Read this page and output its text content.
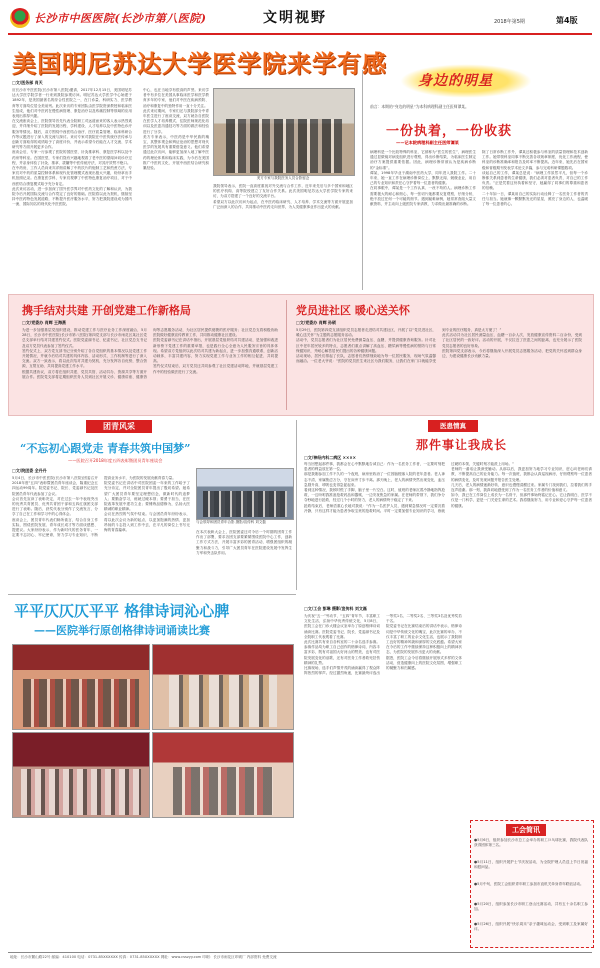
长沙市中医医院(长沙市第八医院)	文明视野	2018年第5期	第4版
美国明尼苏达大学医学院来学有感
□文/医务部 肖天
应长沙市中医医院(长沙市第八医院)邀请，2017年12月15日，美国明尼苏达大学医学院学者一行来到我院参观访问。明尼苏达大学医学中心始建于1892年，是美国最著名的综合性医院之一，在门诊量、科研实力、医学教育等方面均位居全美前列。此次来访的专家团队由医学院资深教授和临床医生组成，他们对中医药在慢性病管理、康复治疗以及疼痛控制等领域的应用表现出浓厚兴趣。
在交流座谈会上，医院领导首先代表全院职工对远道而来的客人表示热烈欢迎，并详细介绍了医院的发展历程、学科建设、人才培养以及中医特色诊疗服务等情况。随后，双方围绕中西医结合治疗、医疗质量管理、临床科研合作等议题进行了深入的交流与探讨。来访专家对我院在中医传统疗法传承与创新方面取得的成绩给予了高度评价，并表示希望今后能在人才交流、学术研究等方面开展更多合作。
座谈会后，专家一行参观了医院的国医堂、针灸推拿科、康复医学科以及中药房等科室。在国医堂，专家们饶有兴趣地观看了老中医的望闻问切诊疗过程，并亲身体验了针灸、推拿、拔罐等中医传统疗法，对其疗效赞不绝口。
在中药房，工作人员向来宾详细讲解了中药饮片的炮制工艺和煎煮方法，专家们对中药的质量控制体系和现代化管理模式表现出极大兴趣，纷纷拿出手机拍照记录。在康复医学科，专家们观摩了中医特色康复治疗项目，对于中西医结合康复模式给予充分肯定。
此次来访活动，进一步加深了国外医学界对中医药文化的了解和认识，为我院今后开展国际交流与合作奠定了良好的基础。医院将以此为契机，继续坚持中医药特色发展道路，不断提升医疗服务水平，努力把我院建设成为国内一流、国际知名的现代化中医医院。
中心，也在当地享有很高的声誉。来访学者中有多位在美国从事临床医学和医学教育多年的专家，他们对中医在疾病预防、治疗和康复中的独特作用一直十分关注。
此次来访期间，专家们还与我院部分中青年医生进行了座谈交流，双方就各自医院在医学人才培养模式、住院医师规范化培训以及医患沟通技巧等方面的做法和经验进行了分享。
美方专家表示，中医药是中华民族的瑰宝，其整体观念和辨证论治的思想对现代医学的发展具有重要借鉴意义。他们希望通过此次访问，能够更加深入地了解中医药的理论体系和临床实践，为今后在美国推广中医药文化、开展中西医结合研究积累经验。
美方专家与我院医务人员合影留念
我院领导表示，医院一直高度重视对外交流与合作工作，近年来先后与多个国家和地区的医疗机构、高等院校建立了友好合作关系。此次美国明尼苏达大学医学院专家的来访，为双方搭建了一个良好的交流平台。
希望双方以此次访问为起点，在中医药临床研究、人才培养、学术交流等方面开展更加广泛而深入的合作，共同推动中医药走向世界，为人类健康事业作出更大的贡献。
身边的明星
前言：本期的“身边的明星”为本科病理科副主任医师谭某。
一份执着，一份收获
——记本院病理科副主任医师谭某
病理科是一个比较特殊的科室，它被称为“医生的医生”，病理医生通过显微镜对病变组织进行观察，得出诊断结果，为临床医生制定治疗方案提供重要依据。因此，病理诊断常被认为是疾病诊断的“金标准”。
谭某，1998年毕业于湖南中医药大学，同年进入我院工作。二十年来，她一直工作在病理诊断岗位上，默默无闻、兢兢业业，用自己的专业知识和责任心守护着每一位患者的健康。
在同事眼中，谭某是一个工作认真、一丝不苟的人。病理诊断工作需要极大的耐心和细心，每一张切片她都要反复观察，仔细分析，绝不放过任何一个可疑的细节。遇到疑难病例，她常常查阅大量文献资料，并主动向上级医院专家请教，力求做出最准确的诊断。
除了日常诊断工作外，谭某还积极参与科室的质量管理和技术创新工作。她带领科室同事不断完善各项规章制度，优化工作流程，使科室的诊断准确率和报告及时率不断提高。近年来，她先后在国家级和省级期刊发表学术论文多篇，参与完成科研课题数项。
谈起自己的工作，谭某总是说：“病理工作虽然平凡，但每一个诊断都关系到患者的生命健康，我们必须对患者负责，对自己的工作负责。”正是凭着这份执着和坚守，她赢得了同事们的尊重和患者的信赖。
二十年如一日，谭某用自己的实际行动诠释了一名医务工作者的责任与担当。她就像一颗默默发光的星星，照亮了身边的人，也温暖了每一位患者的心。
携手结对共建 开创党建工作新格局
□文/党委办 肖辉 王海燕
为进一步加强基层党组织建设，推动党建工作与医疗业务工作深度融合，5月28日，长沙市中医医院(长沙市第八医院)第四党支部与长沙市雨花区某社区党总支部举行结对共建签约仪式。医院党委副书记、纪委书记，社区党总支书记及双方党员代表参加了签约仪式。
签约仪式上，双方党支部书记分别介绍了各自党组织的基本情况以及党建工作开展情况，并就今后结对共建的具体内容、活动形式、工作机制等进行了深入交流。双方一致表示，将以此次结对共建为契机，充分发挥各自优势，整合资源，互帮互助，共同提高党建工作水平。
根据共建协议，双方将在组织共建、党员共管、活动共办、资源共享等方面开展合作。医院党支部将定期组织医务人员到社区开展义诊、健康讲座、健康咨询等志愿服务活动，为社区居民提供便捷的医疗服务；社区党总支将积极协助医院做好健康宣传教育工作，共同推动健康社区建设。
医院党委副书记在讲话中指出，开展基层党组织结对共建活动，是加强和改进新形势下党建工作的重要举措，也是践行全心全意为人民服务宗旨的具体体现。希望双方党组织以此次结对共建为新起点，进一步加强沟通联系，创新活动载体，丰富共建内容，努力实现党建工作与业务工作的相互促进、共同提高。
签约仪式结束后，双方党员还共同参观了社区党建活动阵地，并就基层党建工作中的经验做法进行了交流。
党员进社区 暖心送关怀
□文/党委办 肖辉 孙硕
5月29日，医院第四党支部组织党员志愿者走进结对共建社区，开展了以“党员进社区，暖心送关怀”为主题的志愿服务活动。
活动中，党员志愿者们为社区居民免费测量血压、血糖，并提供健康咨询服务。针对社区中老年居民较多的特点，志愿者们重点讲解了高血压、糖尿病等慢性病的预防与日常保健知识，并耐心解答居民们提出的各种健康问题。
活动现场，居民们排起了长队，志愿者们热情细致地为每一位居民服务，现场气氛温馨而融洽。一位老大爷说：“医院的党员医生来社区为我们服务，让我们在家门口就能享受到专业的医疗服务，真是太方便了！”
此次活动共为社区居民测量血压、血糖一百余人次，发放健康宣传资料二百余份，受到了社区居民的一致好评。活动的开展，不仅拉近了医患之间的距离，也充分展示了医院党员志愿者的良好形象。
医院第四党支部表示，今后将继续深入开展党员志愿服务活动，把党的关怀送到群众身边，为建设健康长沙贡献力量。
团青风采
“不忘初心跟党走 青春共筑中国梦”
——医院召开2018年度五四表彰暨团员青年座谈会
□文/院团委 全丹丹
5月4日，长沙市中医医院(长沙市第八医院)团委召开2018年度“五四”表彰暨团员青年座谈会，隆重纪念五四运动99周年。院党委书记、院长、党委副书记及医院团员青年代表参加了会议。
会议首先宣读了表彰决定，对在过去一年中表现突出的优秀共青团员、优秀共青团干部和五四红旗团支部进行了表彰。随后，获奖代表分别作了交流发言，分享了自己在工作和学习中的心得体会。
座谈会上，团员青年代表们畅所欲言，结合自身工作实际，围绕医院发展、青年成长成才等方面谈感想、提建议。大家纷纷表示，作为新时代的医务青年，一定要不忘初心、牢记使命，努力学习专业知识，不断提高业务水平，为医院的发展贡献青春力量。
院党委书记在讲话中对医院团委一年来的工作给予了充分肯定，并对全院团员青年提出了殷切希望。她希望广大团员青年要坚定理想信念，做新时代的追梦人；要勤奋学习，练就过硬本领；要勇于担当，在医院改革发展中建功立业；要锤炼品德修为，弘扬大医精诚的职业精神。
会议在热烈的气氛中结束。与会团员青年纷纷表示，将以此次会议为新的起点，以更加饱满的热情、更加昂扬的斗志投入到工作中去，在平凡的岗位上书写无悔的青春篇章。
与会领导和团员青年合影 摄影/宣传科 刘文磊
在本次表彰大会上，医院团委还对今后一个时期的团青工作作出了部署，要求各团支部要紧紧围绕医院中心工作，创新工作方式方法，开展丰富多彩的团青活动，增强团组织的凝聚力和战斗力，引导广大团员青年在医院建设发展中发挥生力军和突击队作用。
医患情真
那件事让我成长
□文/神经内科二病区 ××××
每当回想起那件事，我都会在心中默默地告诫自己：作为一名医务工作者，一定要时刻把患者的利益放在第一位。
那是我刚参加工作不久的一个夜班，病房里收治了一位因脑梗塞入院的老年患者。老人神志不清，家属焦虑万分，守在床旁寸步不离。那天晚上，老人的病情突然出现变化，血压急剧升高，呼吸也变得急促起来。
看到这种情况，我顿时慌了手脚，脑子里一片空白。这时，值班的老师沉着冷静地指挥抢救，一边吩咐我准备抢救药品和器械，一边安抚焦急的家属。在老师的带领下，我们争分夺秒地进行抢救，经过几个小时的努力，老人的病情终于稳定了下来。
抢救结束后，老师语重心长地对我说：“作为一名医护人员，遇到紧急情况时一定要沉着冷静，只有这样才能为患者争取宝贵的抢救时间。平时一定要加强专业知识的学习，练就过硬的本领，关键时刻才能派上用场。”
老师的一番话让我深受触动。从那以后，我更加努力地学习专业知识，虚心向老师们请教，不断提高自己的业务能力。每一次值班，我都会认真巡视病房，仔细观察每一位患者的病情变化，及时发现问题并报告医生处理。
几天后，老人的病情逐渐好转，意识也慢慢清醒过来。家属专门找到我们，拉着我们的手连声道谢。那一刻，我真切地感受到了作为一名医务工作者的价值和意义。
如今，我已在工作岗位上成长为一名骨干，但那件事始终铭记在心。它让我明白，医学不仅是一门科学，更是一门关爱生命的艺术。我将继续努力，用专业和爱心守护每一位患者的健康。
平平仄仄仄平平 格律诗词沁心脾
——医院举行原创格律诗词诵读比赛
□文/工会 彭琳 摄影/宣传科 刘文磊
为庆祝“五一”劳动节、“五四”青年节，丰富职工文化生活，弘扬中华优秀传统文化，5月8日，医院工会在门诊大楼会议室举办了原创格律诗词诵读比赛。医院党委书记、院长、党委副书记及全院职工代表观看了比赛。
此次比赛共有来自各科室的二十余名选手参赛。参赛作品均为职工自己创作的格律诗词，内容丰富多彩，既有对祖国大好河山的赞美，也有对医院发展变化的讴歌，还有对医务工作者救死扶伤精神的礼赞。
比赛现场，选手们声情并茂的诵读赢得了观众阵阵热烈的掌声。经过激烈角逐，比赛最终评选出一等奖1名、二等奖2名、三等奖3名及优秀奖若干名。
院党委书记在比赛结束后的讲话中表示，格律诗词是中华传统文化的瑰宝，此次比赛的举办，不仅丰富了职工的业余文化生活，也展示了我院职工良好的精神风貌和深厚的文化底蕴。希望大家在今后的工作中继续保持这种积极向上的精神状态，为医院的发展作出更大的贡献。
据悉，医院工会今后将继续开展形式多样的文体活动，营造健康向上的医院文化氛围，增强职工的凝聚力和归属感。
工会简讯
●5月6日，组织参加长沙市总工会举办的职工乒乓球比赛，我院代表队获得团体第三名。
●5月11日，组织开展护士节庆祝活动，为全院护理人员送上节日祝福和慰问品。
●5月中旬，医院工会组织青年职工参加市直机关单身青年联谊活动。
●5月20日，组织参加长沙市职工登山比赛活动，共有五十余名职工参加。
●5月26日，组织开展“快乐周末”亲子趣味运动会，受到职工及家属好评。
地址：长沙市麓山路22号 邮编：410100 电话：0731-85XXXXXX 传真：0731-85XXXXXX 网址：www.csszyy.com 印刷：长沙市雨花区印刷厂 内部资料 免费交流
